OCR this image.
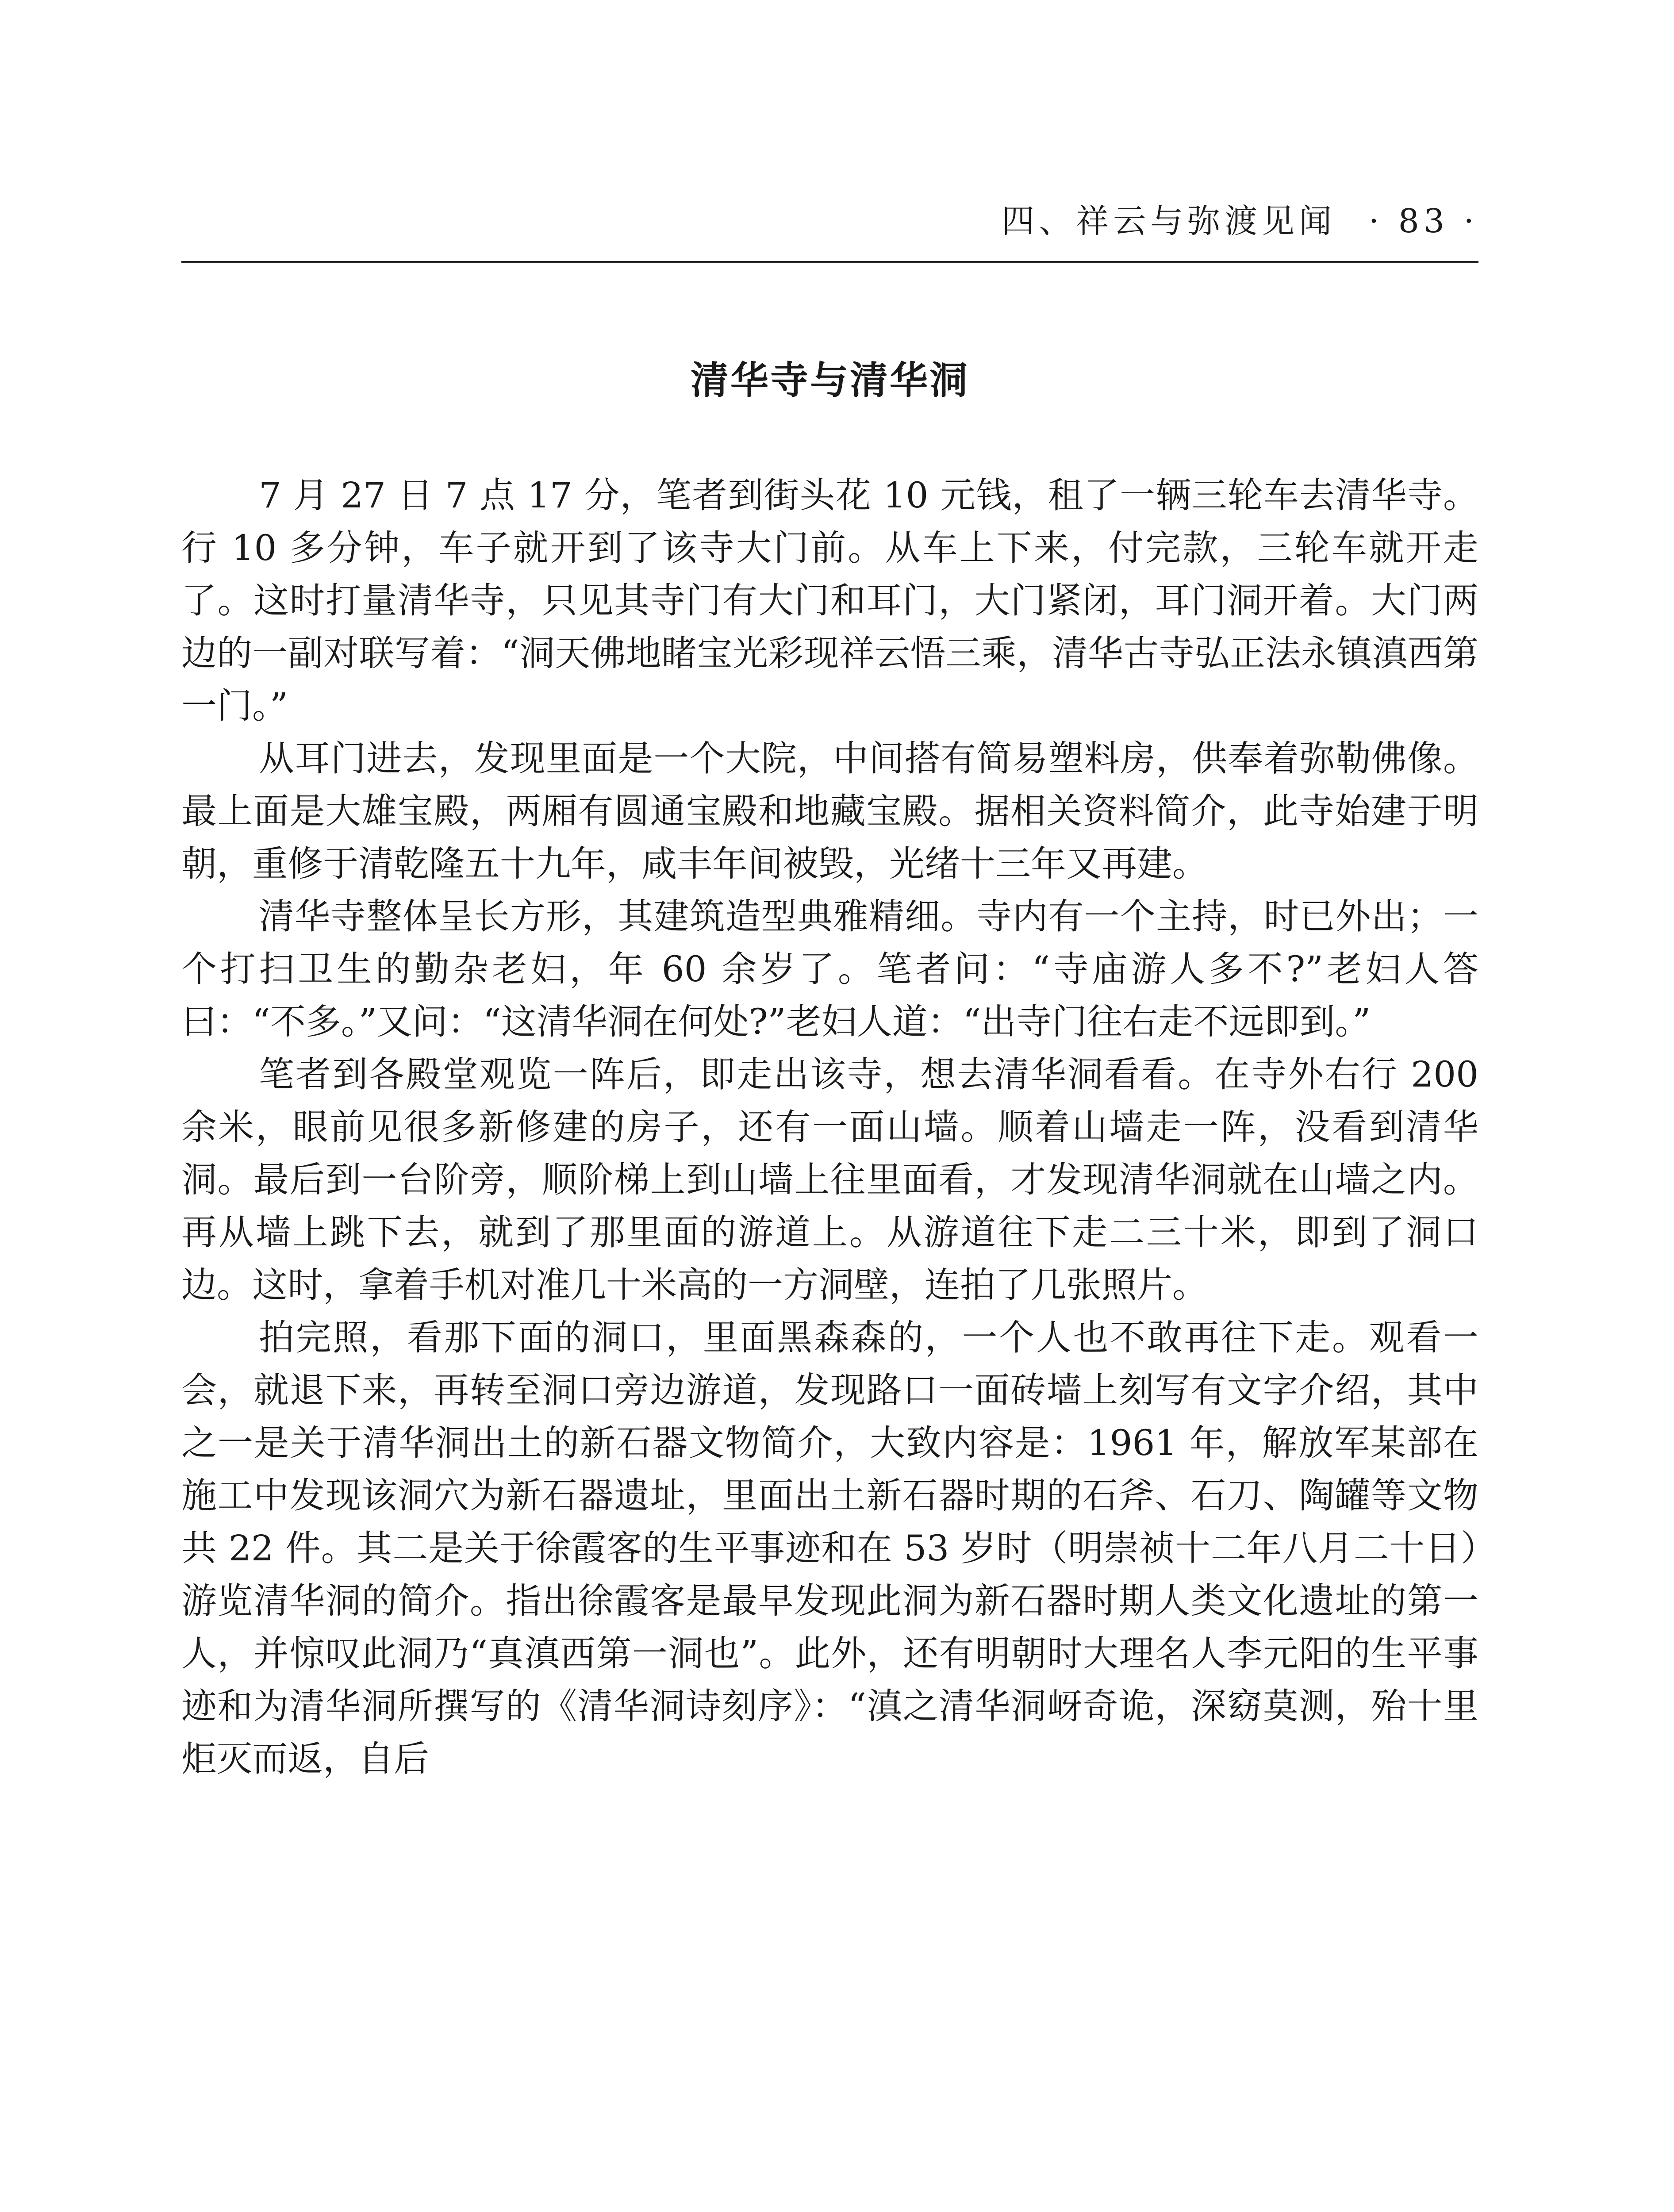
四、祥云与弥渡见闻 · 83 ·
清华寺与清华洞

7 月 27 日 7 点 17 分，笔者到街头花 10 元钱，租了一辆三轮车去清华寺。行 10 多分钟，车子就开到了该寺大门前。从车上下来，付完款，三轮车就开走了。这时打量清华寺，只见其寺门有大门和耳门，大门紧闭，耳门洞开着。大门两边的一副对联写着：“洞天佛地睹宝光彩现祥云悟三乘，清华古寺弘正法永镇滇西第一门。”

从耳门进去，发现里面是一个大院，中间搭有简易塑料房，供奉着弥勒佛像。最上面是大雄宝殿，两厢有圆通宝殿和地藏宝殿。据相关资料简介，此寺始建于明朝，重修于清乾隆五十九年，咸丰年间被毁，光绪十三年又再建。

清华寺整体呈长方形，其建筑造型典雅精细。寺内有一个主持，时已外出；一个打扫卫生的勤杂老妇，年 60 余岁了。笔者问：“寺庙游人多不?”老妇人答曰：“不多。”又问：“这清华洞在何处?”老妇人道：“出寺门往右走不远即到。”

笔者到各殿堂观览一阵后，即走出该寺，想去清华洞看看。在寺外右行 200 余米，眼前见很多新修建的房子，还有一面山墙。顺着山墙走一阵，没看到清华洞。最后到一台阶旁，顺阶梯上到山墙上往里面看，才发现清华洞就在山墙之内。再从墙上跳下去，就到了那里面的游道上。从游道往下走二三十米，即到了洞口边。这时，拿着手机对准几十米高的一方洞壁，连拍了几张照片。

拍完照，看那下面的洞口，里面黑森森的，一个人也不敢再往下走。观看一会，就退下来，再转至洞口旁边游道，发现路口一面砖墙上刻写有文字介绍，其中之一是关于清华洞出土的新石器文物简介，大致内容是：1961 年，解放军某部在施工中发现该洞穴为新石器遗址，里面出土新石器时期的石斧、石刀、陶罐等文物共 22 件。其二是关于徐霞客的生平事迹和在 53 岁时（明崇祯十二年八月二十日）游览清华洞的简介。指出徐霞客是最早发现此洞为新石器时期人类文化遗址的第一人，并惊叹此洞乃“真滇西第一洞也”。此外，还有明朝时大理名人李元阳的生平事迹和为清华洞所撰写的《清华洞诗刻序》：“滇之清华洞岈奇诡，深窈莫测，殆十里炬灭而返，自后
